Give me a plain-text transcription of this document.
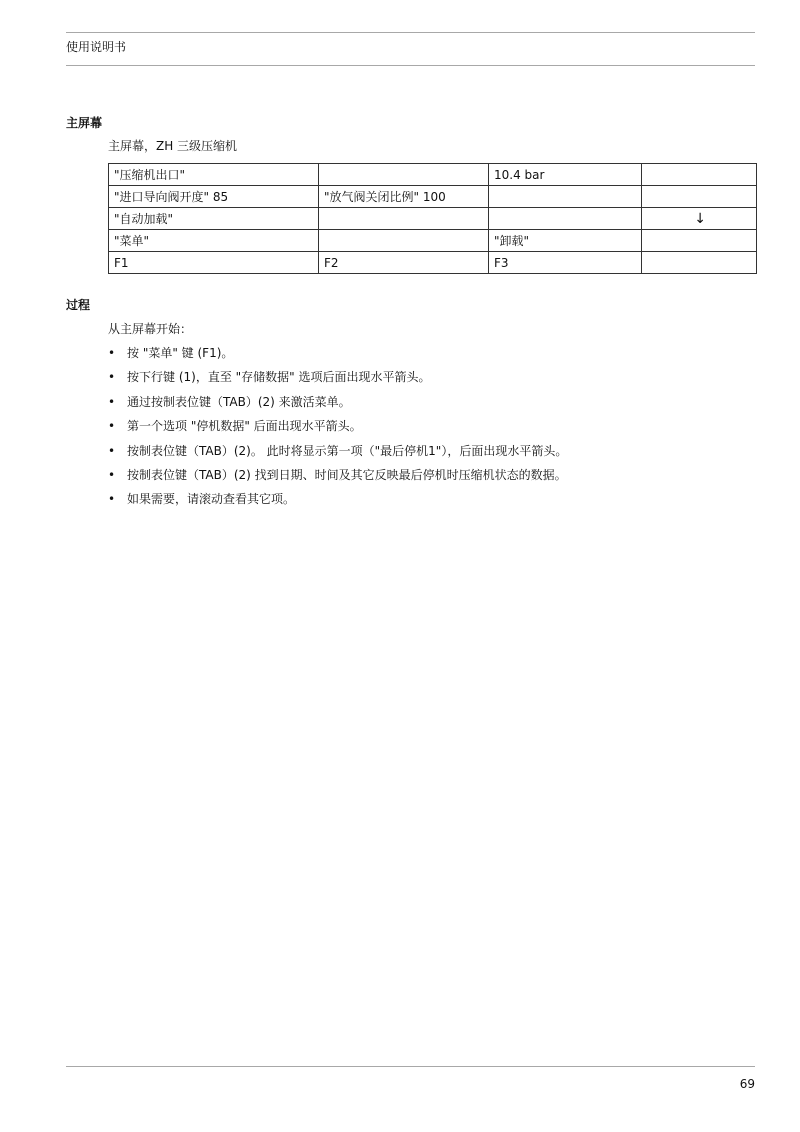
使用说明书
主屏幕
主屏幕，ZH 三级压缩机
"压缩机出口"		10.4 bar	
"进口导向阀开度" 85	"放气阀关闭比例" 100		
"自动加载"			↓
"菜单"		"卸载"	
F1	F2	F3	
过程
从主屏幕开始：
• 按 "菜单" 键 (F1)。
• 按下行键 (1)，直至 "存储数据" 选项后面出现水平箭头。
• 通过按制表位键（TAB）(2) 来激活菜单。
• 第一个选项 "停机数据" 后面出现水平箭头。
• 按制表位键（TAB）(2)。 此时将显示第一项（"最后停机1"），后面出现水平箭头。
• 按制表位键（TAB）(2) 找到日期、时间及其它反映最后停机时压缩机状态的数据。
• 如果需要，请滚动查看其它项。
69
